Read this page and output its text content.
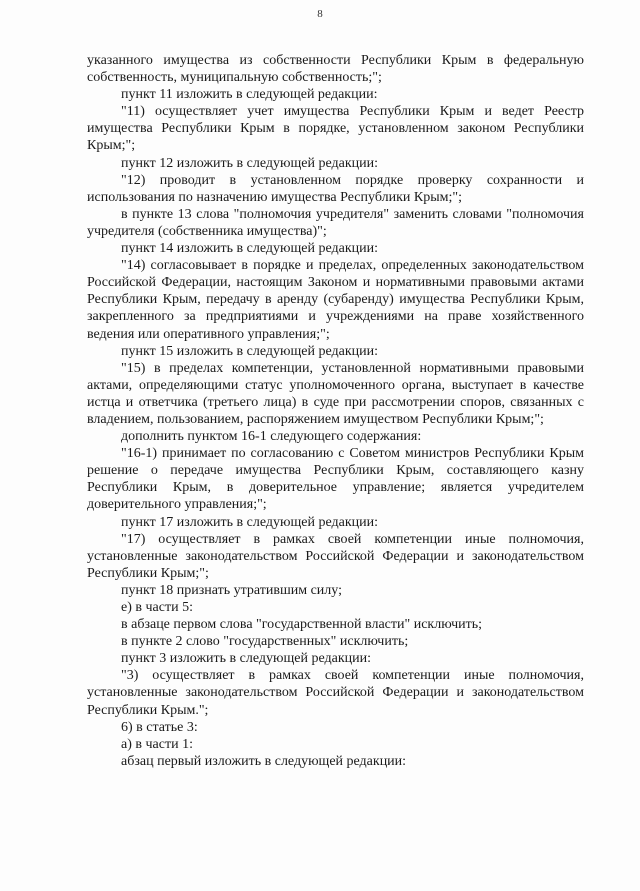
8

указанного имущества из собственности Республики Крым в федеральную собственность, муниципальную собственность;";

пункт 11 изложить в следующей редакции:

"11) осуществляет учет имущества Республики Крым и ведет Реестр имущества Республики Крым в порядке, установленном законом Республики Крым;";

пункт 12 изложить в следующей редакции:

"12) проводит в установленном порядке проверку сохранности и использования по назначению имущества Республики Крым;";

в пункте 13 слова "полномочия учредителя" заменить словами "полномочия учредителя (собственника имущества)";

пункт 14 изложить в следующей редакции:

"14) согласовывает в порядке и пределах, определенных законодательством Российской Федерации, настоящим Законом и нормативными правовыми актами Республики Крым, передачу в аренду (субаренду) имущества Республики Крым, закрепленного за предприятиями и учреждениями на праве хозяйственного ведения или оперативного управления;";

пункт 15 изложить в следующей редакции:

"15) в пределах компетенции, установленной нормативными правовыми актами, определяющими статус уполномоченного органа, выступает в качестве истца и ответчика (третьего лица) в суде при рассмотрении споров, связанных с владением, пользованием, распоряжением имуществом Республики Крым;";

дополнить пунктом 16-1 следующего содержания:

"16-1) принимает по согласованию с Советом министров Республики Крым решение о передаче имущества Республики Крым, составляющего казну Республики Крым, в доверительное управление; является учредителем доверительного управления;";

пункт 17 изложить в следующей редакции:

"17) осуществляет в рамках своей компетенции иные полномочия, установленные законодательством Российской Федерации и законодательством Республики Крым;";

пункт 18 признать утратившим силу;

е) в части 5:

в абзаце первом слова "государственной власти" исключить;

в пункте 2 слово "государственных" исключить;

пункт 3 изложить в следующей редакции:

"3) осуществляет в рамках своей компетенции иные полномочия, установленные законодательством Российской Федерации и законодательством Республики Крым.";

6) в статье 3:

а) в части 1:

абзац первый изложить в следующей редакции:
